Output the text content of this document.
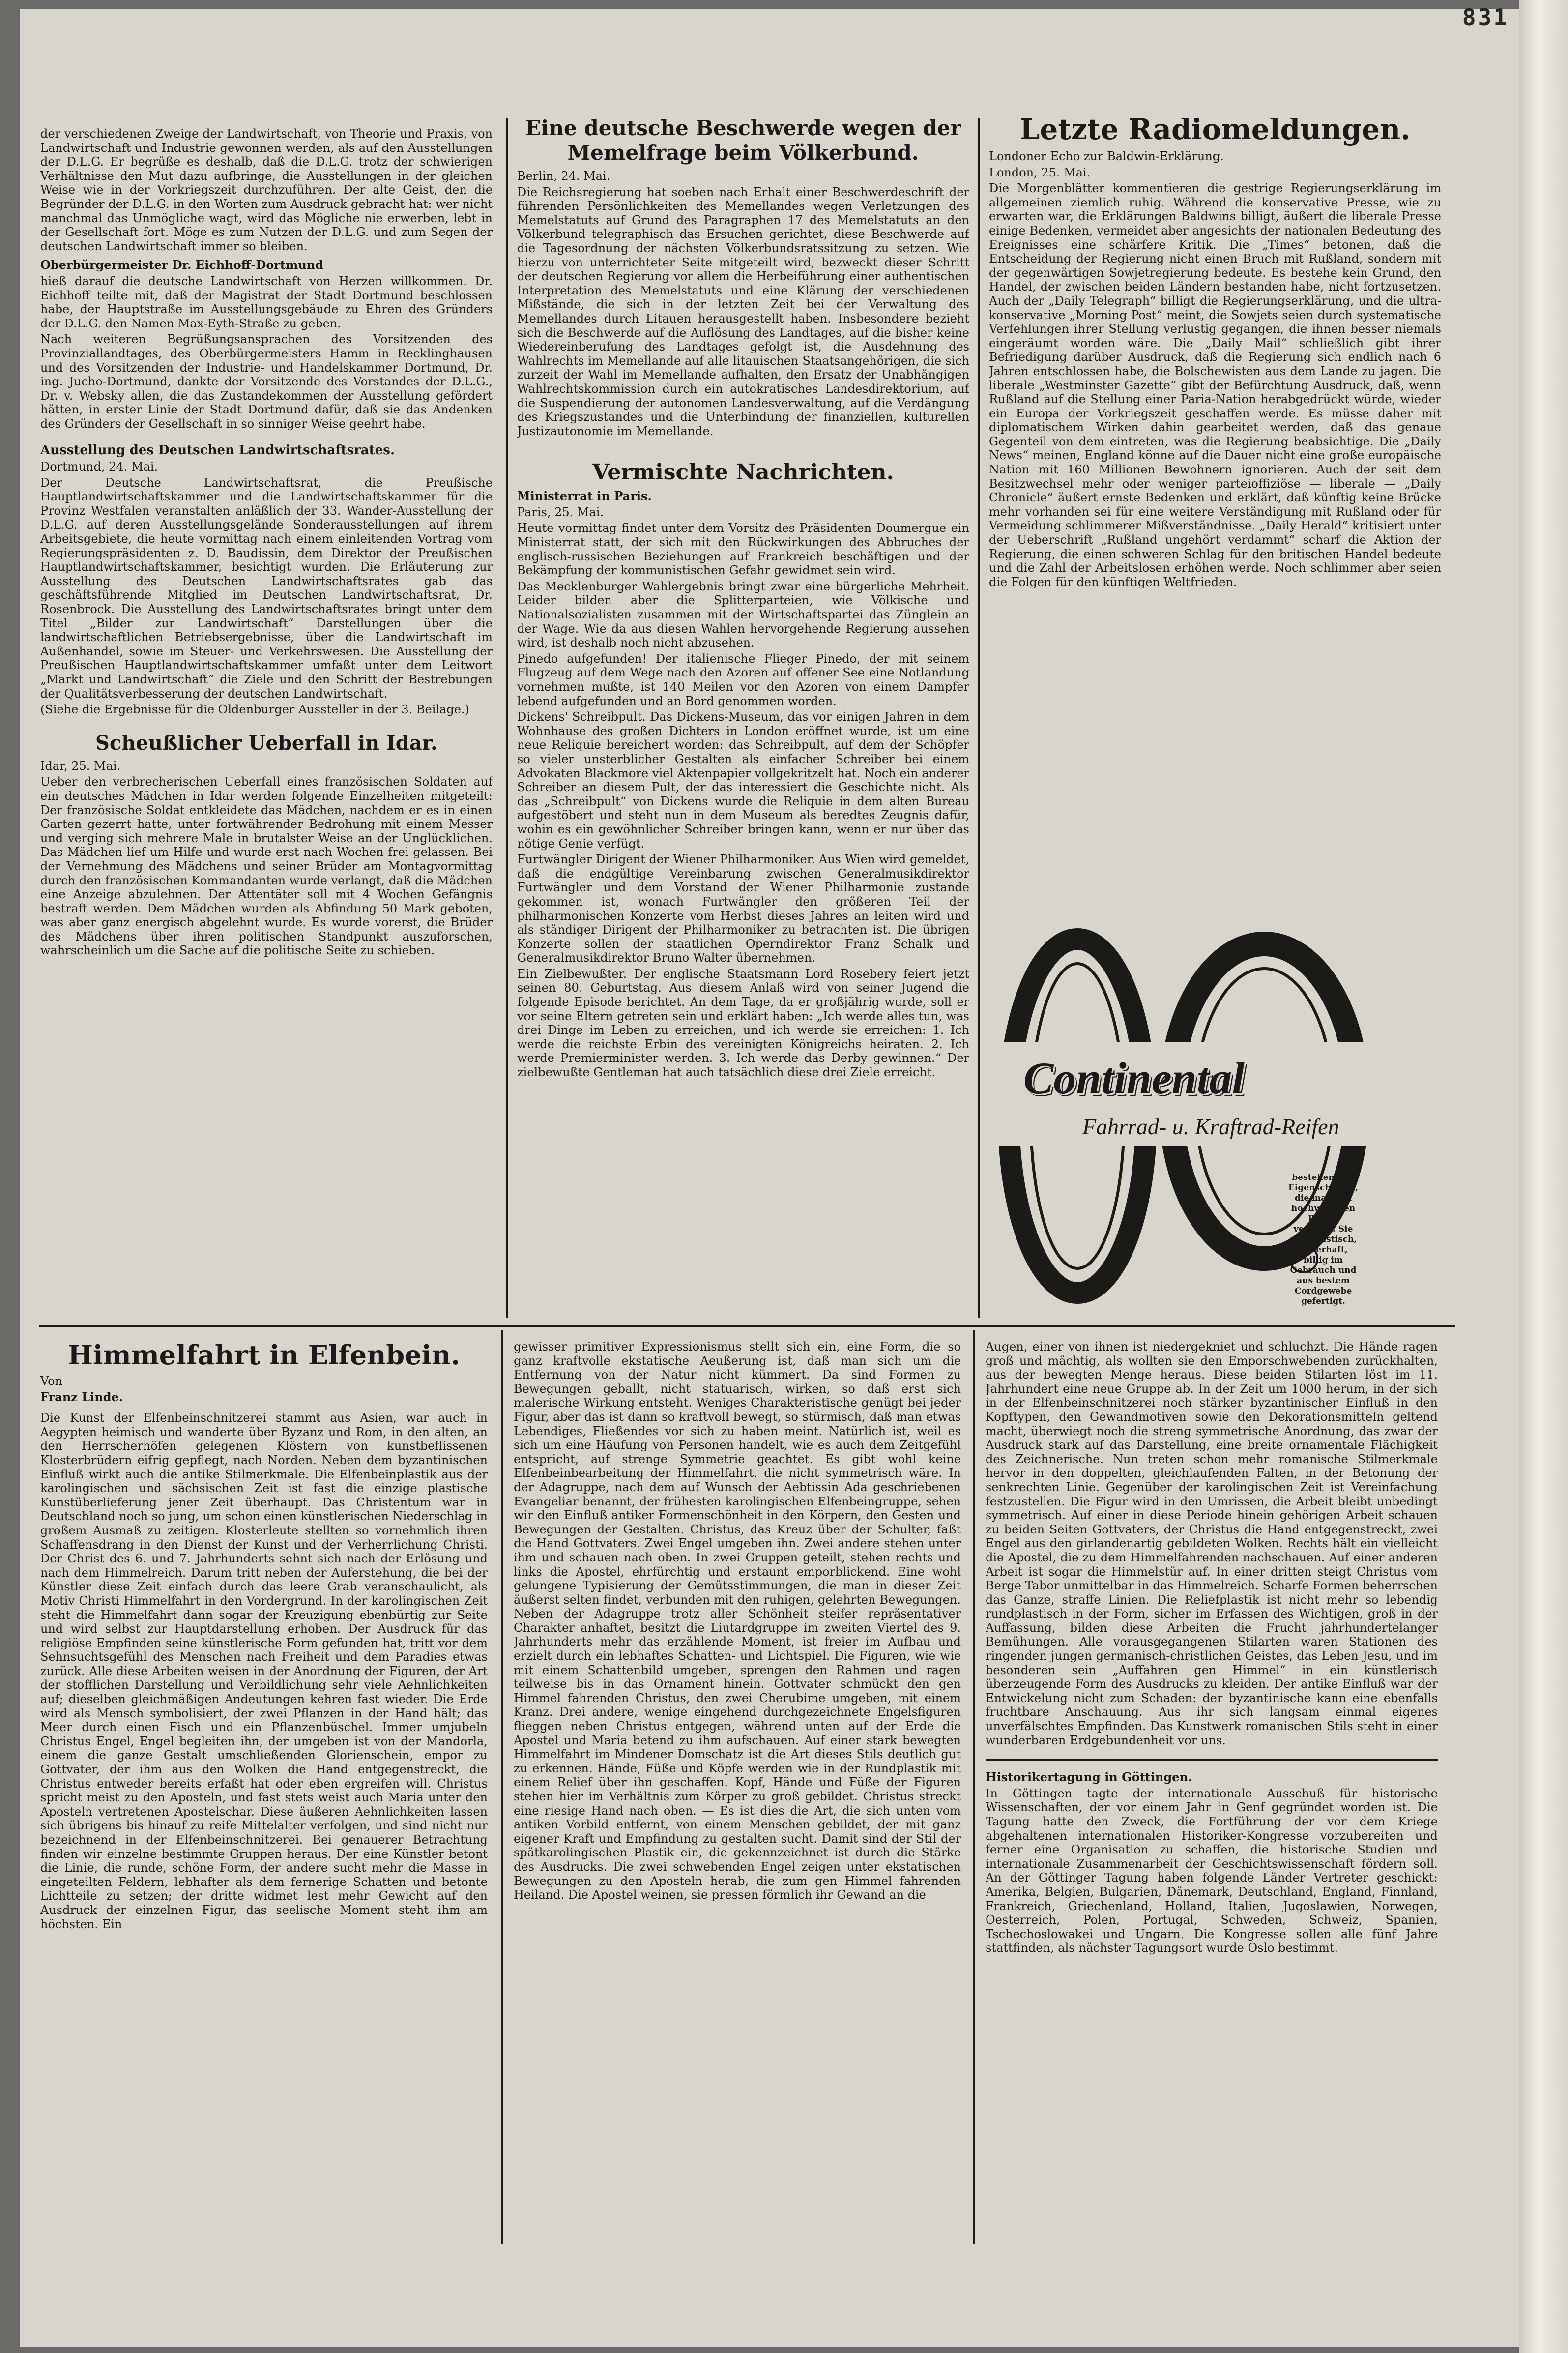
831

der verschiedenen Zweige der Landwirtschaft, von Theorie und Praxis, von Landwirtschaft und Industrie gewonnen werden, als auf den Ausstellungen der D.L.G. Er begrüße es deshalb, daß die D.L.G. trotz der schwierigen Verhältnisse den Mut dazu aufbringe, die Ausstellungen in der gleichen Weise wie in der Vorkriegszeit durchzuführen. Der alte Geist, den die Begründer der D.L.G. in den Worten zum Ausdruck gebracht hat: wer nicht manchmal das Unmögliche wagt, wird das Mögliche nie erwerben, lebt in der Gesellschaft fort. Möge es zum Nutzen der D.L.G. und zum Segen der deutschen Landwirtschaft immer so bleiben.

Oberbürgermeister Dr. Eichhoff-Dortmund

hieß darauf die deutsche Landwirtschaft von Herzen willkommen. Dr. Eichhoff teilte mit, daß der Magistrat der Stadt Dortmund beschlossen habe, der Hauptstraße im Ausstellungsgebäude zu Ehren des Gründers der D.L.G. den Namen Max-Eyth-Straße zu geben.

Nach weiteren Begrüßungsansprachen des Vorsitzenden des Provinziallandtages, des Oberbürgermeisters Hamm in Recklinghausen und des Vorsitzenden der Industrie- und Handelskammer Dortmund, Dr. ing. Jucho-Dortmund, dankte der Vorsitzende des Vorstandes der D.L.G., Dr. v. Websky allen, die das Zustandekommen der Ausstellung gefördert hätten, in erster Linie der Stadt Dortmund dafür, daß sie das Andenken des Gründers der Gesellschaft in so sinniger Weise geehrt habe.

Ausstellung des Deutschen Landwirtschaftsrates.

Dortmund, 24. Mai.

Der Deutsche Landwirtschaftsrat, die Preußische Hauptlandwirtschaftskammer und die Landwirtschaftskammer für die Provinz Westfalen veranstalten anläßlich der 33. Wander-Ausstellung der D.L.G. auf deren Ausstellungsgelände Sonderausstellungen auf ihrem Arbeitsgebiete, die heute vormittag nach einem einleitenden Vortrag vom Regierungspräsidenten z. D. Baudissin, dem Direktor der Preußischen Hauptlandwirtschaftskammer, besichtigt wurden. Die Erläuterung zur Ausstellung des Deutschen Landwirtschaftsrates gab das geschäftsführende Mitglied im Deutschen Landwirtschaftsrat, Dr. Rosenbrock. Die Ausstellung des Landwirtschaftsrates bringt unter dem Titel „Bilder zur Landwirtschaft“ Darstellungen über die landwirtschaftlichen Betriebsergebnisse, über die Landwirtschaft im Außenhandel, sowie im Steuer- und Verkehrswesen. Die Ausstellung der Preußischen Hauptlandwirtschaftskammer umfaßt unter dem Leitwort „Markt und Landwirtschaft“ die Ziele und den Schritt der Bestrebungen der Qualitätsverbesserung der deutschen Landwirtschaft.

(Siehe die Ergebnisse für die Oldenburger Aussteller in der 3. Beilage.)

Scheußlicher Ueberfall in Idar.

Idar, 25. Mai.

Ueber den verbrecherischen Ueberfall eines französischen Soldaten auf ein deutsches Mädchen in Idar werden folgende Einzelheiten mitgeteilt: Der französische Soldat entkleidete das Mädchen, nachdem er es in einen Garten gezerrt hatte, unter fortwährender Bedrohung mit einem Messer und verging sich mehrere Male in brutalster Weise an der Unglücklichen. Das Mädchen lief um Hilfe und wurde erst nach Wochen frei gelassen. Bei der Vernehmung des Mädchens und seiner Brüder am Montagvormittag durch den französischen Kommandanten wurde verlangt, daß die Mädchen eine Anzeige abzulehnen. Der Attentäter soll mit 4 Wochen Gefängnis bestraft werden. Dem Mädchen wurden als Abfindung 50 Mark geboten, was aber ganz energisch abgelehnt wurde. Es wurde vorerst, die Brüder des Mädchens über ihren politischen Standpunkt auszuforschen, wahrscheinlich um die Sache auf die politische Seite zu schieben.

Eine deutsche Beschwerde wegen der Memelfrage beim Völkerbund.

Berlin, 24. Mai.

Die Reichsregierung hat soeben nach Erhalt einer Beschwerdeschrift der führenden Persönlichkeiten des Memellandes wegen Verletzungen des Memelstatuts auf Grund des Paragraphen 17 des Memelstatuts an den Völkerbund telegraphisch das Ersuchen gerichtet, diese Beschwerde auf die Tagesordnung der nächsten Völkerbundsratssitzung zu setzen. Wie hierzu von unterrichteter Seite mitgeteilt wird, bezweckt dieser Schritt der deutschen Regierung vor allem die Herbeiführung einer authentischen Interpretation des Memelstatuts und eine Klärung der verschiedenen Mißstände, die sich in der letzten Zeit bei der Verwaltung des Memellandes durch Litauen herausgestellt haben. Insbesondere bezieht sich die Beschwerde auf die Auflösung des Landtages, auf die bisher keine Wiedereinberufung des Landtages gefolgt ist, die Ausdehnung des Wahlrechts im Memellande auf alle litauischen Staatsangehörigen, die sich zurzeit der Wahl im Memellande aufhalten, den Ersatz der Unabhängigen Wahlrechtskommission durch ein autokratisches Landesdirektorium, auf die Suspendierung der autonomen Landesverwaltung, auf die Verdängung des Kriegszustandes und die Unterbindung der finanziellen, kulturellen Justizautonomie im Memellande.

Vermischte Nachrichten.

Ministerrat in Paris.

Paris, 25. Mai.

Heute vormittag findet unter dem Vorsitz des Präsidenten Doumergue ein Ministerrat statt, der sich mit den Rückwirkungen des Abbruches der englisch-russischen Beziehungen auf Frankreich beschäftigen und der Bekämpfung der kommunistischen Gefahr gewidmet sein wird.

Das Mecklenburger Wahlergebnis bringt zwar eine bürgerliche Mehrheit. Leider bilden aber die Splitterparteien, wie Völkische und Nationalsozialisten zusammen mit der Wirtschaftspartei das Zünglein an der Wage. Wie da aus diesen Wahlen hervorgehende Regierung aussehen wird, ist deshalb noch nicht abzusehen.

Pinedo aufgefunden! Der italienische Flieger Pinedo, der mit seinem Flugzeug auf dem Wege nach den Azoren auf offener See eine Notlandung vornehmen mußte, ist 140 Meilen vor den Azoren von einem Dampfer lebend aufgefunden und an Bord genommen worden.

Dickens' Schreibpult. Das Dickens-Museum, das vor einigen Jahren in dem Wohnhause des großen Dichters in London eröffnet wurde, ist um eine neue Reliquie bereichert worden: das Schreibpult, auf dem der Schöpfer so vieler unsterblicher Gestalten als einfacher Schreiber bei einem Advokaten Blackmore viel Aktenpapier vollgekritzelt hat. Noch ein anderer Schreiber an diesem Pult, der das interessiert die Geschichte nicht. Als das „Schreibpult“ von Dickens wurde die Reliquie in dem alten Bureau aufgestöbert und steht nun in dem Museum als beredtes Zeugnis dafür, wohin es ein gewöhnlicher Schreiber bringen kann, wenn er nur über das nötige Genie verfügt.

Furtwängler Dirigent der Wiener Philharmoniker. Aus Wien wird gemeldet, daß die endgültige Vereinbarung zwischen Generalmusikdirektor Furtwängler und dem Vorstand der Wiener Philharmonie zustande gekommen ist, wonach Furtwängler den größeren Teil der philharmonischen Konzerte vom Herbst dieses Jahres an leiten wird und als ständiger Dirigent der Philharmoniker zu betrachten ist. Die übrigen Konzerte sollen der staatlichen Operndirektor Franz Schalk und Generalmusikdirektor Bruno Walter übernehmen.

Ein Zielbewußter. Der englische Staatsmann Lord Rosebery feiert jetzt seinen 80. Geburtstag. Aus diesem Anlaß wird von seiner Jugend die folgende Episode berichtet. An dem Tage, da er großjährig wurde, soll er vor seine Eltern getreten sein und erklärt haben: „Ich werde alles tun, was drei Dinge im Leben zu erreichen, und ich werde sie erreichen: 1. Ich werde die reichste Erbin des vereinigten Königreichs heiraten. 2. Ich werde Premierminister werden. 3. Ich werde das Derby gewinnen.“ Der zielbewußte Gentleman hat auch tatsächlich diese drei Ziele erreicht.

Letzte Radiomeldungen.

Londoner Echo zur Baldwin-Erklärung.

London, 25. Mai.

Die Morgenblätter kommentieren die gestrige Regierungserklärung im allgemeinen ziemlich ruhig. Während die konservative Presse, wie zu erwarten war, die Erklärungen Baldwins billigt, äußert die liberale Presse einige Bedenken, vermeidet aber angesichts der nationalen Bedeutung des Ereignisses eine schärfere Kritik. Die „Times“ betonen, daß die Entscheidung der Regierung nicht einen Bruch mit Rußland, sondern mit der gegenwärtigen Sowjetregierung bedeute. Es bestehe kein Grund, den Handel, der zwischen beiden Ländern bestanden habe, nicht fortzusetzen. Auch der „Daily Telegraph“ billigt die Regierungserklärung, und die ultra-konservative „Morning Post“ meint, die Sowjets seien durch systematische Verfehlungen ihrer Stellung verlustig gegangen, die ihnen besser niemals eingeräumt worden wäre. Die „Daily Mail“ schließlich gibt ihrer Befriedigung darüber Ausdruck, daß die Regierung sich endlich nach 6 Jahren entschlossen habe, die Bolschewisten aus dem Lande zu jagen. Die liberale „Westminster Gazette“ gibt der Befürchtung Ausdruck, daß, wenn Rußland auf die Stellung einer Paria-Nation herabgedrückt würde, wieder ein Europa der Vorkriegszeit geschaffen werde. Es müsse daher mit diplomatischem Wirken dahin gearbeitet werden, daß das genaue Gegenteil von dem eintreten, was die Regierung beabsichtige. Die „Daily News“ meinen, England könne auf die Dauer nicht eine große europäische Nation mit 160 Millionen Bewohnern ignorieren. Auch der seit dem Besitzwechsel mehr oder weniger parteioffiziöse — liberale — „Daily Chronicle“ äußert ernste Bedenken und erklärt, daß künftig keine Brücke mehr vorhanden sei für eine weitere Verständigung mit Rußland oder für Vermeidung schlimmerer Mißverständnisse. „Daily Herald“ kritisiert unter der Ueberschrift „Rußland ungehört verdammt“ scharf die Aktion der Regierung, die einen schweren Schlag für den britischen Handel bedeute und die Zahl der Arbeitslosen erhöhen werde. Noch schlimmer aber seien die Folgen für den künftigen Weltfrieden.

Continental
Fahrrad- u. Kraftrad-Reifen
bestehen alle Eigenschaften, die man von hochwertigen Reifen verlangt. Sie sind elastisch, dauerhaft, billig im Gebrauch und aus bestem Cordgewebe gefertigt.
Himmelfahrt in Elfenbein.

Von

Franz Linde.

Die Kunst der Elfenbeinschnitzerei stammt aus Asien, war auch in Aegypten heimisch und wanderte über Byzanz und Rom, in den alten, an den Herrscherhöfen gelegenen Klöstern von kunstbeflissenen Klosterbrüdern eifrig gepflegt, nach Norden. Neben dem byzantinischen Einfluß wirkt auch die antike Stilmerkmale. Die Elfenbeinplastik aus der karolingischen und sächsischen Zeit ist fast die einzige plastische Kunstüberlieferung jener Zeit überhaupt. Das Christentum war in Deutschland noch so jung, um schon einen künstlerischen Niederschlag in großem Ausmaß zu zeitigen. Klosterleute stellten so vornehmlich ihren Schaffensdrang in den Dienst der Kunst und der Verherrlichung Christi. Der Christ des 6. und 7. Jahrhunderts sehnt sich nach der Erlösung und nach dem Himmelreich. Darum tritt neben der Auferstehung, die bei der Künstler diese Zeit einfach durch das leere Grab veranschaulicht, als Motiv Christi Himmelfahrt in den Vordergrund. In der karolingischen Zeit steht die Himmelfahrt dann sogar der Kreuzigung ebenbürtig zur Seite und wird selbst zur Hauptdarstellung erhoben. Der Ausdruck für das religiöse Empfinden seine künstlerische Form gefunden hat, tritt vor dem Sehnsuchtsgefühl des Menschen nach Freiheit und dem Paradies etwas zurück. Alle diese Arbeiten weisen in der Anordnung der Figuren, der Art der stofflichen Darstellung und Verbildlichung sehr viele Aehnlichkeiten auf; dieselben gleichmäßigen Andeutungen kehren fast wieder. Die Erde wird als Mensch symbolisiert, der zwei Pflanzen in der Hand hält; das Meer durch einen Fisch und ein Pflanzenbüschel. Immer umjubeln Christus Engel, Engel begleiten ihn, der umgeben ist von der Mandorla, einem die ganze Gestalt umschließenden Glorienschein, empor zu Gottvater, der ihm aus den Wolken die Hand entgegenstreckt, die Christus entweder bereits erfaßt hat oder eben ergreifen will. Christus spricht meist zu den Aposteln, und fast stets weist auch Maria unter den Aposteln vertretenen Apostelschar. Diese äußeren Aehnlichkeiten lassen sich übrigens bis hinauf zu reife Mittelalter verfolgen, und sind nicht nur bezeichnend in der Elfenbeinschnitzerei. Bei genauerer Betrachtung finden wir einzelne bestimmte Gruppen heraus. Der eine Künstler betont die Linie, die runde, schöne Form, der andere sucht mehr die Masse in eingeteilten Feldern, lebhafter als dem fernerige Schatten und betonte Lichtteile zu setzen; der dritte widmet lest mehr Gewicht auf den Ausdruck der einzelnen Figur, das seelische Moment steht ihm am höchsten. Ein

gewisser primitiver Expressionismus stellt sich ein, eine Form, die so ganz kraftvolle ekstatische Aeußerung ist, daß man sich um die Entfernung von der Natur nicht kümmert. Da sind Formen zu Bewegungen geballt, nicht statuarisch, wirken, so daß erst sich malerische Wirkung entsteht. Weniges Charakteristische genügt bei jeder Figur, aber das ist dann so kraftvoll bewegt, so stürmisch, daß man etwas Lebendiges, Fließendes vor sich zu haben meint. Natürlich ist, weil es sich um eine Häufung von Personen handelt, wie es auch dem Zeitgefühl entspricht, auf strenge Symmetrie geachtet. Es gibt wohl keine Elfenbeinbearbeitung der Himmelfahrt, die nicht symmetrisch wäre. In der Adagruppe, nach dem auf Wunsch der Aebtissin Ada geschriebenen Evangeliar benannt, der frühesten karolingischen Elfenbeingruppe, sehen wir den Einfluß antiker Formenschönheit in den Körpern, den Gesten und Bewegungen der Gestalten. Christus, das Kreuz über der Schulter, faßt die Hand Gottvaters. Zwei Engel umgeben ihn. Zwei andere stehen unter ihm und schauen nach oben. In zwei Gruppen geteilt, stehen rechts und links die Apostel, ehrfürchtig und erstaunt emporblickend. Eine wohl gelungene Typisierung der Gemütsstimmungen, die man in dieser Zeit äußerst selten findet, verbunden mit den ruhigen, gelehrten Bewegungen. Neben der Adagruppe trotz aller Schönheit steifer repräsentativer Charakter anhaftet, besitzt die Liutardgruppe im zweiten Viertel des 9. Jahrhunderts mehr das erzählende Moment, ist freier im Aufbau und erzielt durch ein lebhaftes Schatten- und Lichtspiel. Die Figuren, wie wie mit einem Schattenbild umgeben, sprengen den Rahmen und ragen teilweise bis in das Ornament hinein. Gottvater schmückt den gen Himmel fahrenden Christus, den zwei Cherubime umgeben, mit einem Kranz. Drei andere, wenige eingehend durchgezeichnete Engelsfiguren flieggen neben Christus entgegen, während unten auf der Erde die Apostel und Maria betend zu ihm aufschauen. Auf einer stark bewegten Himmelfahrt im Mindener Domschatz ist die Art dieses Stils deutlich gut zu erkennen. Hände, Füße und Köpfe werden wie in der Rundplastik mit einem Relief über ihn geschaffen. Kopf, Hände und Füße der Figuren stehen hier im Verhältnis zum Körper zu groß gebildet. Christus streckt eine riesige Hand nach oben. — Es ist dies die Art, die sich unten vom antiken Vorbild entfernt, von einem Menschen gebildet, der mit ganz eigener Kraft und Empfindung zu gestalten sucht. Damit sind der Stil der spätkarolingischen Plastik ein, die gekennzeichnet ist durch die Stärke des Ausdrucks. Die zwei schwebenden Engel zeigen unter ekstatischen Bewegungen zu den Aposteln herab, die zum gen Himmel fahrenden Heiland. Die Apostel weinen, sie pressen förmlich ihr Gewand an die

Augen, einer von ihnen ist niedergekniet und schluchzt. Die Hände ragen groß und mächtig, als wollten sie den Emporschwebenden zurückhalten, aus der bewegten Menge heraus. Diese beiden Stilarten löst im 11. Jahrhundert eine neue Gruppe ab. In der Zeit um 1000 herum, in der sich in der Elfenbeinschnitzerei noch stärker byzantinischer Einfluß in den Kopftypen, den Gewandmotiven sowie den Dekorationsmitteln geltend macht, überwiegt noch die streng symmetrische Anordnung, das zwar der Ausdruck stark auf das Darstellung, eine breite ornamentale Flächigkeit des Zeichnerische. Nun treten schon mehr romanische Stilmerkmale hervor in den doppelten, gleichlaufenden Falten, in der Betonung der senkrechten Linie. Gegenüber der karolingischen Zeit ist Vereinfachung festzustellen. Die Figur wird in den Umrissen, die Arbeit bleibt unbedingt symmetrisch. Auf einer in diese Periode hinein gehörigen Arbeit schauen zu beiden Seiten Gottvaters, der Christus die Hand entgegenstreckt, zwei Engel aus den girlandenartig gebildeten Wolken. Rechts hält ein vielleicht die Apostel, die zu dem Himmelfahrenden nachschauen. Auf einer anderen Arbeit ist sogar die Himmelstür auf. In einer dritten steigt Christus vom Berge Tabor unmittelbar in das Himmelreich. Scharfe Formen beherrschen das Ganze, straffe Linien. Die Reliefplastik ist nicht mehr so lebendig rundplastisch in der Form, sicher im Erfassen des Wichtigen, groß in der Auffassung, bilden diese Arbeiten die Frucht jahrhundertelanger Bemühungen. Alle vorausgegangenen Stilarten waren Stationen des ringenden jungen germanisch-christlichen Geistes, das Leben Jesu, und im besonderen sein „Auffahren gen Himmel“ in ein künstlerisch überzeugende Form des Ausdrucks zu kleiden. Der antike Einfluß war der Entwickelung nicht zum Schaden: der byzantinische kann eine ebenfalls fruchtbare Anschauung. Aus ihr sich langsam einmal eigenes unverfälschtes Empfinden. Das Kunstwerk romanischen Stils steht in einer wunderbaren Erdgebundenheit vor uns.

Historikertagung in Göttingen.

In Göttingen tagte der internationale Ausschuß für historische Wissenschaften, der vor einem Jahr in Genf gegründet worden ist. Die Tagung hatte den Zweck, die Fortführung der vor dem Kriege abgehaltenen internationalen Historiker-Kongresse vorzubereiten und ferner eine Organisation zu schaffen, die historische Studien und internationale Zusammenarbeit der Geschichtswissenschaft fördern soll. An der Göttinger Tagung haben folgende Länder Vertreter geschickt: Amerika, Belgien, Bulgarien, Dänemark, Deutschland, England, Finnland, Frankreich, Griechenland, Holland, Italien, Jugoslawien, Norwegen, Oesterreich, Polen, Portugal, Schweden, Schweiz, Spanien, Tschechoslowakei und Ungarn. Die Kongresse sollen alle fünf Jahre stattfinden, als nächster Tagungsort wurde Oslo bestimmt.
